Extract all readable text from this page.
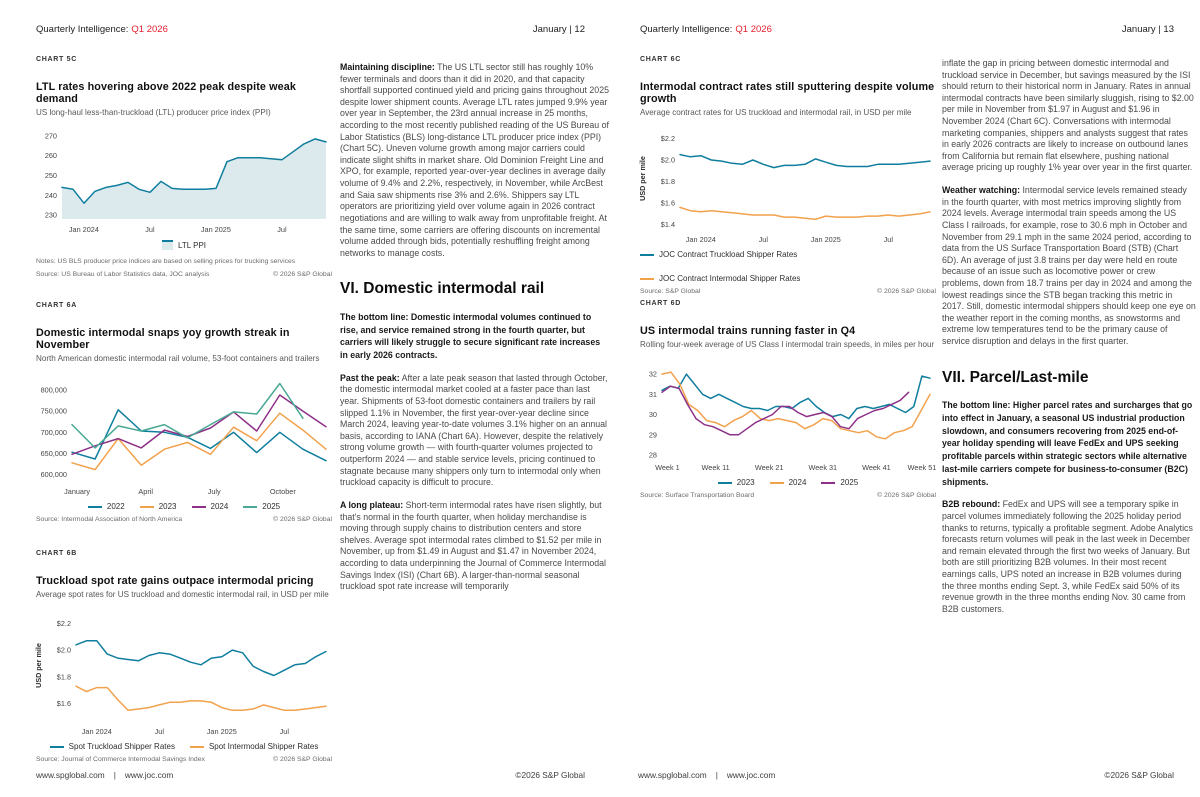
Quarterly Intelligence: Q1 2026	January | 12
CHART 5C
LTL rates hovering above 2022 peak despite weak demand
US long-haul less-than-truckload (LTL) producer price index (PPI)
270
260
250
240
230
Jan 2024	Jul	Jan 2025	Jul
LTL PPI
Notes: US BLS producer price indices are based on selling prices for trucking services
Source: US Bureau of Labor Statistics data, JOC analysis	© 2026 S&P Global
CHART 6A
Domestic intermodal snaps yoy growth streak in November
North American domestic intermodal rail volume, 53-foot containers and trailers
800,000
750,000
700,000
650,000
600,000
January	April	July	October
2022	2023	2024	2025
Source: Intermodal Association of North America	© 2026 S&P Global
CHART 6B
Truckload spot rate gains outpace intermodal pricing
Average spot rates for US truckload and domestic intermodal rail, in USD per mile
USD per mile
$2.2
$2.0
$1.8
$1.6
Jan 2024	Jul	Jan 2025	Jul
Spot Truckload Shipper Rates	Spot Intermodal Shipper Rates
Source: Journal of Commerce Intermodal Savings Index	© 2026 S&P Global

Maintaining discipline: The US LTL sector still has roughly 10% fewer terminals and doors than it did in 2020, and that capacity shortfall supported continued yield and pricing gains throughout 2025 despite lower shipment counts. Average LTL rates jumped 9.9% year over year in September, the 23rd annual increase in 25 months, according to the most recently published reading of the US Bureau of Labor Statistics (BLS) long-distance LTL producer price index (PPI) (Chart 5C). Uneven volume growth among major carriers could indicate slight shifts in market share. Old Dominion Freight Line and XPO, for example, reported year-over-year declines in average daily volume of 9.4% and 2.2%, respectively, in November, while ArcBest and Saia saw shipments rise 3% and 2.6%. Shippers say LTL operators are prioritizing yield over volume again in 2026 contract negotiations and are willing to walk away from unprofitable freight. At the same time, some carriers are offering discounts on incremental volume added through bids, potentially reshuffling freight among networks to manage costs.

VI. Domestic intermodal rail

The bottom line: Domestic intermodal volumes continued to rise, and service remained strong in the fourth quarter, but carriers will likely struggle to secure significant rate increases in early 2026 contracts.

Past the peak: After a late peak season that lasted through October, the domestic intermodal market cooled at a faster pace than last year. Shipments of 53-foot domestic containers and trailers by rail slipped 1.1% in November, the first year-over-year decline since March 2024, leaving year-to-date volumes 3.1% higher on an annual basis, according to IANA (Chart 6A). However, despite the relatively strong volume growth — with fourth-quarter volumes projected to outperform 2024 — and stable service levels, pricing continued to stagnate because many shippers only turn to intermodal only when truckload capacity is difficult to procure.

A long plateau: Short-term intermodal rates have risen slightly, but that's normal in the fourth quarter, when holiday merchandise is moving through supply chains to distribution centers and store shelves. Average spot intermodal rates climbed to $1.52 per mile in November, up from $1.49 in August and $1.47 in November 2024, according to data underpinning the Journal of Commerce Intermodal Savings Index (ISI) (Chart 6B). A larger-than-normal seasonal truckload spot rate increase will temporarily

www.spglobal.com | www.joc.com	©2026 S&P Global
Quarterly Intelligence: Q1 2026	January | 13
CHART 6C
Intermodal contract rates still sputtering despite volume growth
Average contract rates for US truckload and intermodal rail, in USD per mile
USD per mile
$2.2
$2.0
$1.8
$1.6
$1.4
Jan 2024	Jul	Jan 2025	Jul
JOC Contract Truckload Shipper Rates
JOC Contract Intermodal Shipper Rates
Source: S&P Global	© 2026 S&P Global
CHART 6D
US intermodal trains running faster in Q4
Rolling four-week average of US Class I intermodal train speeds, in miles per hour
32
31
30
29
28
Week 1	Week 11	Week 21	Week 31	Week 41 Week 51
2023	2024	2025
Source: Surface Transportation Board	© 2026 S&P Global

inflate the gap in pricing between domestic intermodal and truckload service in December, but savings measured by the ISI should return to their historical norm in January. Rates in annual intermodal contracts have been similarly sluggish, rising to $2.00 per mile in November from $1.97 in August and $1.96 in November 2024 (Chart 6C). Conversations with intermodal marketing companies, shippers and analysts suggest that rates in early 2026 contracts are likely to increase on outbound lanes from California but remain flat elsewhere, pushing national average pricing up roughly 1% year over year in the first quarter.

Weather watching: Intermodal service levels remained steady in the fourth quarter, with most metrics improving slightly from 2024 levels. Average intermodal train speeds among the US Class I railroads, for example, rose to 30.6 mph in October and November from 29.1 mph in the same 2024 period, according to data from the US Surface Transportation Board (STB) (Chart 6D). An average of just 3.8 trains per day were held en route because of an issue such as locomotive power or crew problems, down from 18.7 trains per day in 2024 and among the lowest readings since the STB began tracking this metric in 2017. Still, domestic intermodal shippers should keep one eye on the weather report in the coming months, as snowstorms and extreme low temperatures tend to be the primary cause of service disruption and delays in the first quarter.

VII. Parcel/Last-mile

The bottom line: Higher parcel rates and surcharges that go into effect in January, a seasonal US industrial production slowdown, and consumers recovering from 2025 end-of-year holiday spending will leave FedEx and UPS seeking profitable parcels within strategic sectors while alternative last-mile carriers compete for business-to-consumer (B2C) shipments.

B2B rebound: FedEx and UPS will see a temporary spike in parcel volumes immediately following the 2025 holiday period thanks to returns, typically a profitable segment. Adobe Analytics forecasts return volumes will peak in the last week in December and remain elevated through the first two weeks of January. But both are still prioritizing B2B volumes. In their most recent earnings calls, UPS noted an increase in B2B volumes during the three months ending Sept. 3, while FedEx said 50% of its revenue growth in the three months ending Nov. 30 came from B2B customers.

www.spglobal.com | www.joc.com	©2026 S&P Global
